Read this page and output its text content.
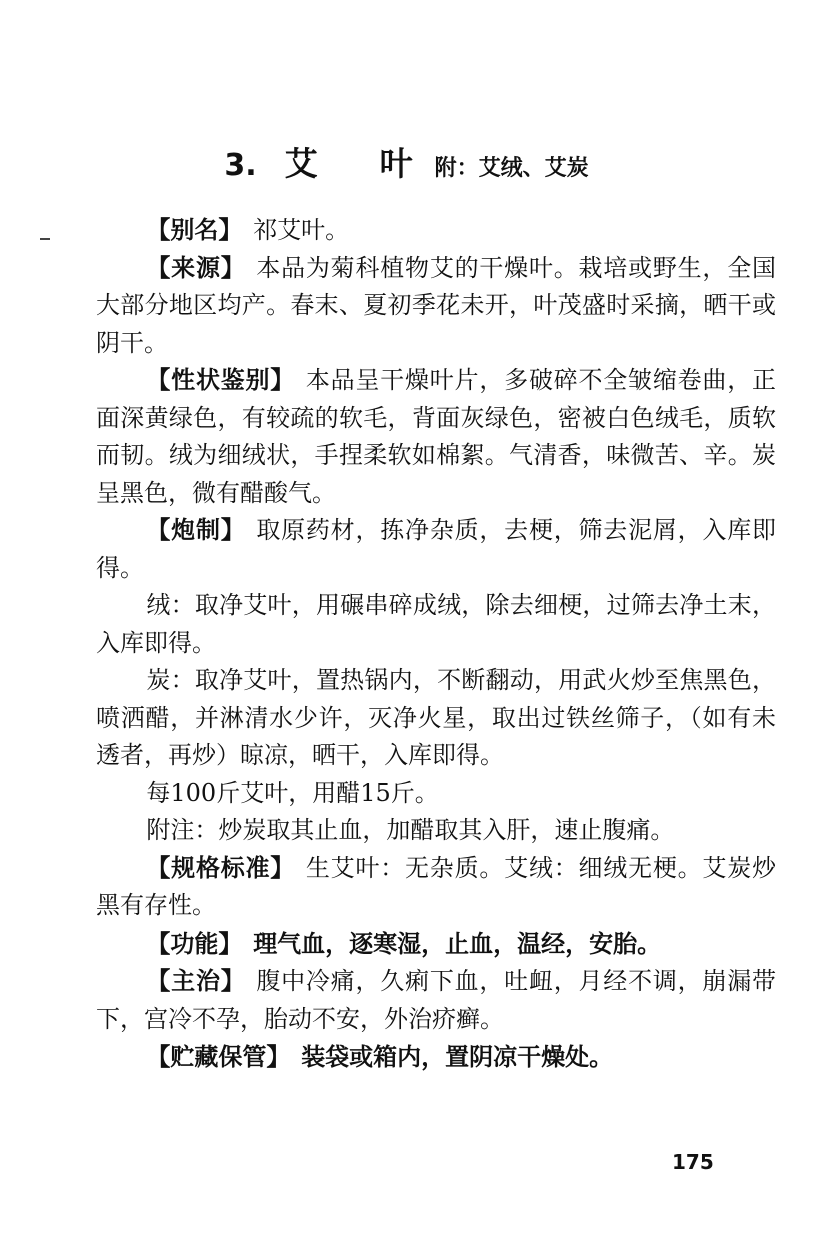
3. 艾叶附：艾绒、艾炭

【别名】 祁艾叶。

【来源】 本品为菊科植物艾的干燥叶。栽培或野生，全国大部分地区均产。春末、夏初季花未开，叶茂盛时采摘，晒干或阴干。

【性状鉴别】 本品呈干燥叶片，多破碎不全皱缩卷曲，正面深黄绿色，有较疏的软毛，背面灰绿色，密被白色绒毛，质软而韧。绒为细绒状，手捏柔软如棉絮。气清香，味微苦、辛。炭呈黑色，微有醋酸气。

【炮制】 取原药材，拣净杂质，去梗，筛去泥屑，入库即得。

绒：取净艾叶，用碾串碎成绒，除去细梗，过筛去净土末，入库即得。

炭：取净艾叶，置热锅内，不断翻动，用武火炒至焦黑色，喷洒醋，并淋清水少许，灭净火星，取出过铁丝筛子，（如有未透者，再炒）晾凉，晒干，入库即得。

每100斤艾叶，用醋15斤。

附注：炒炭取其止血，加醋取其入肝，速止腹痛。

【规格标准】 生艾叶：无杂质。艾绒：细绒无梗。艾炭炒黑有存性。

【功能】 理气血，逐寒湿，止血，温经，安胎。

【主治】 腹中冷痛，久痢下血，吐衄，月经不调，崩漏带下，宫冷不孕，胎动不安，外治疥癣。

【贮藏保管】 装袋或箱内，置阴凉干燥处。

175
